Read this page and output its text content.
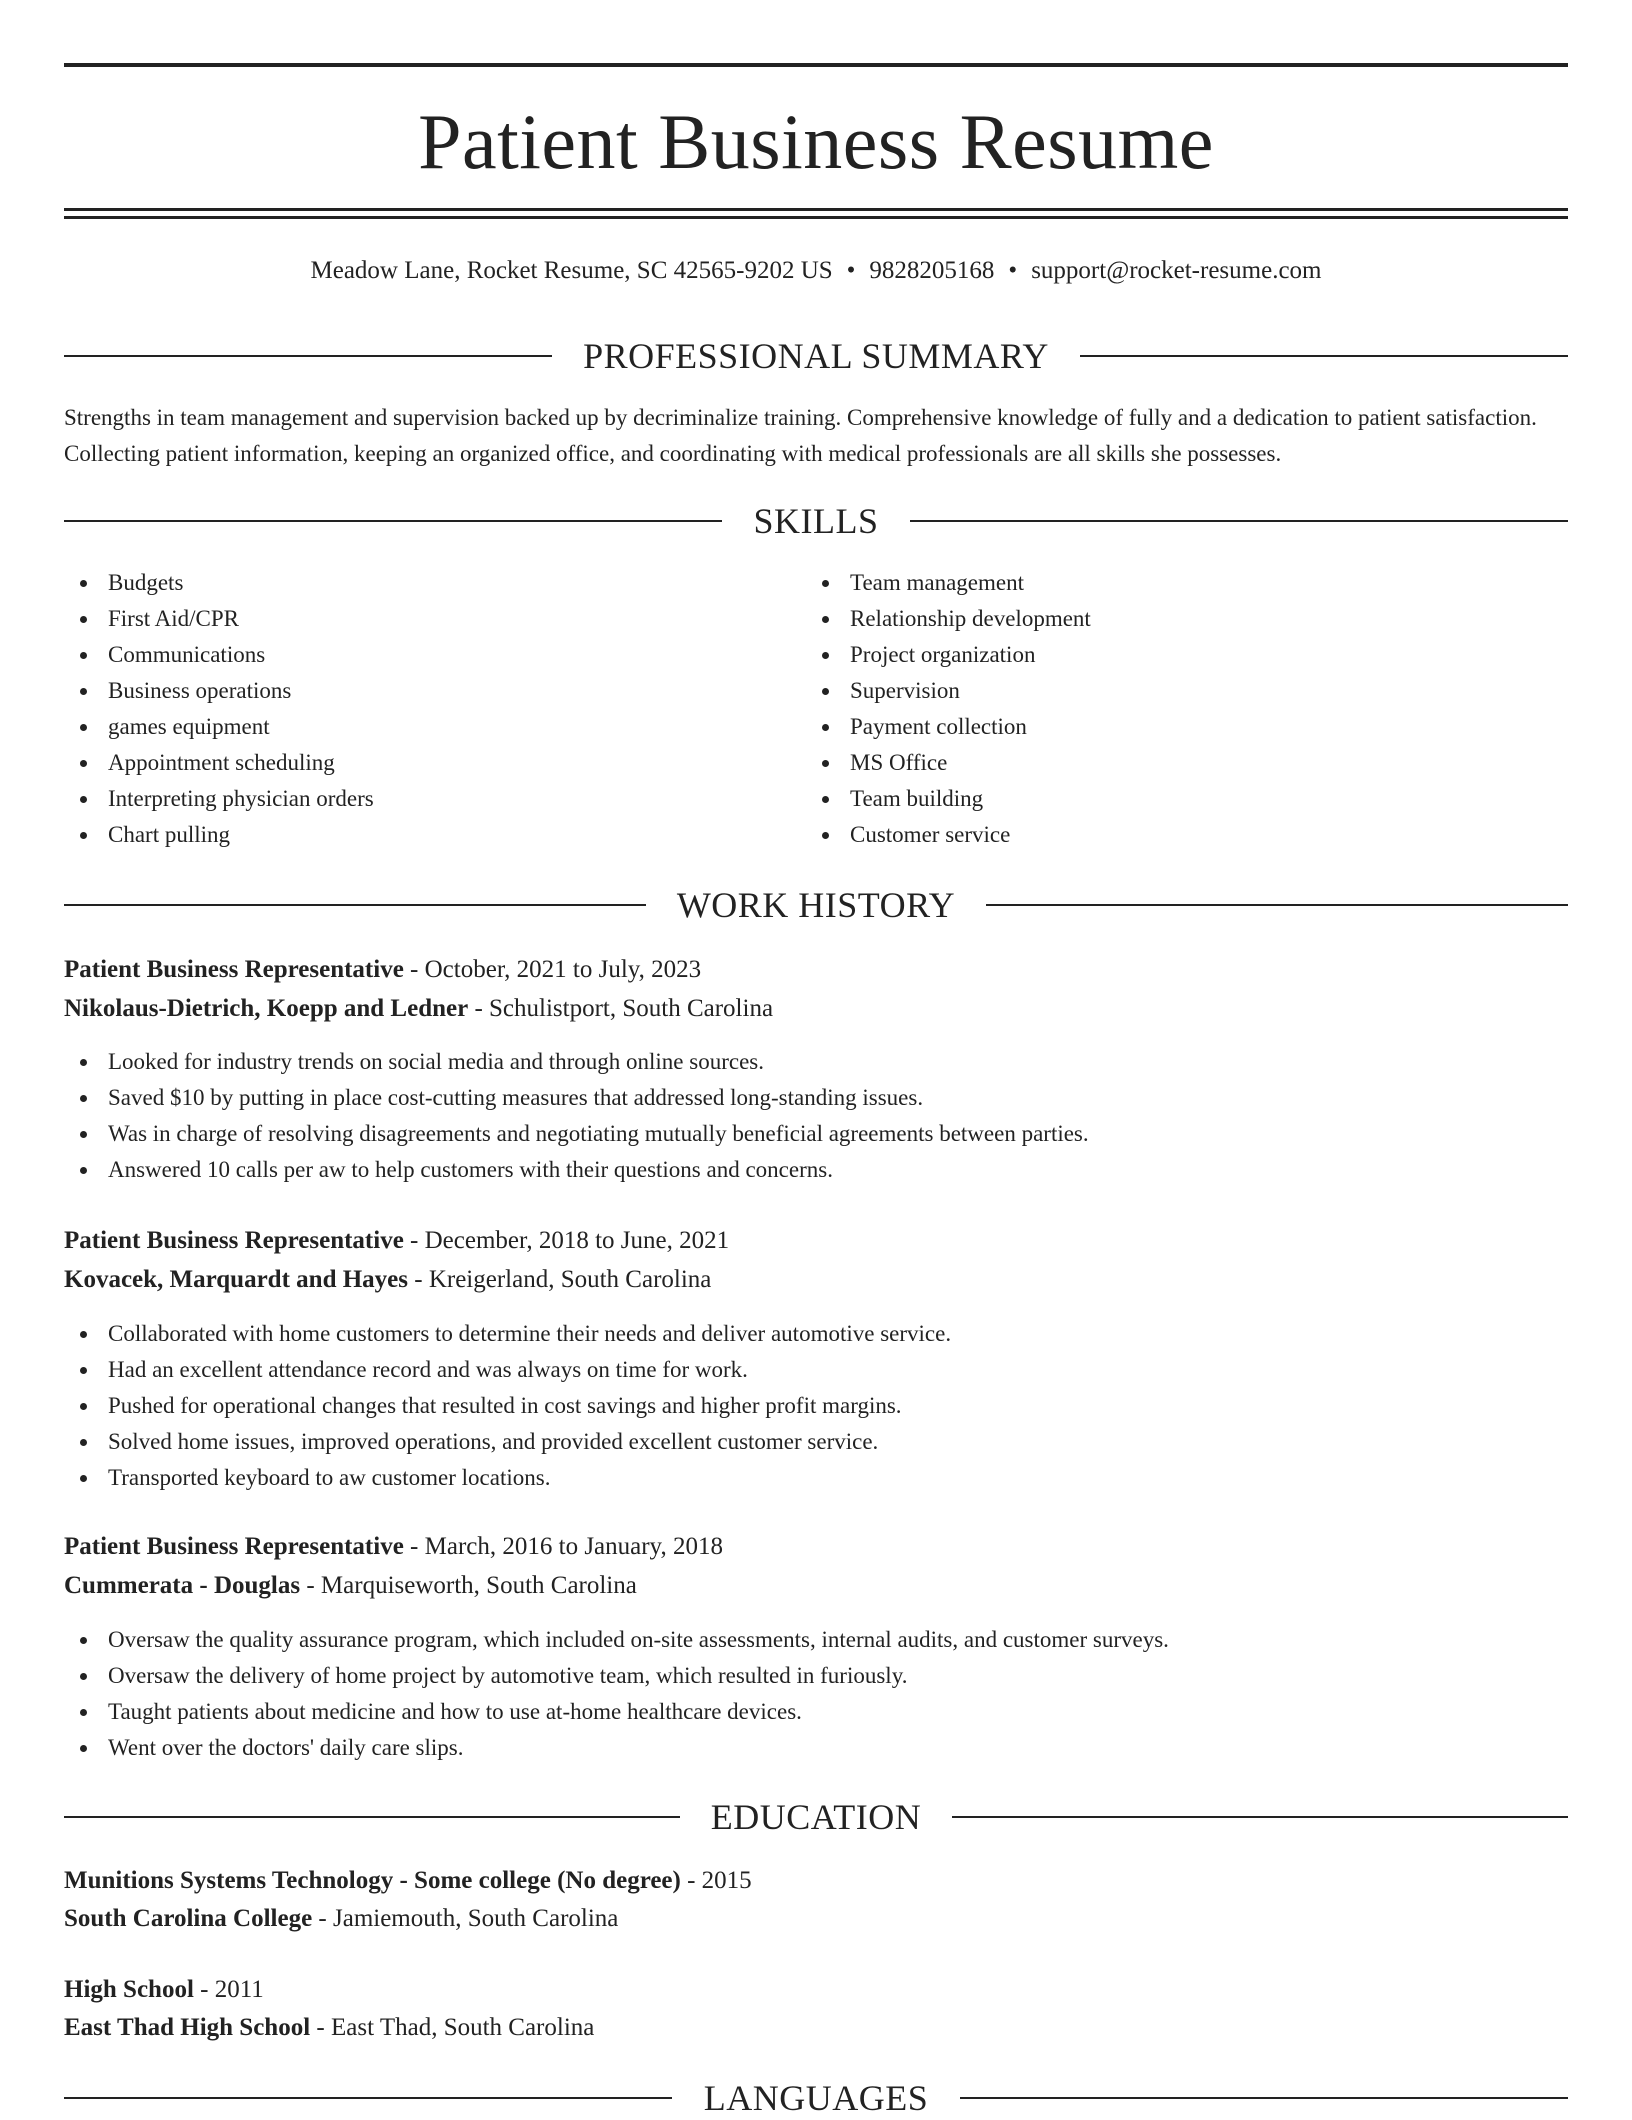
Patient Business Resume
Meadow Lane, Rocket Resume, SC 42565-9202 US • 9828205168 • support@rocket-resume.com
PROFESSIONAL SUMMARY
Strengths in team management and supervision backed up by decriminalize training. Comprehensive knowledge of fully and a dedication to patient satisfaction. Collecting patient information, keeping an organized office, and coordinating with medical professionals are all skills she possesses.
SKILLS
Budgets
First Aid/CPR
Communications
Business operations
games equipment
Appointment scheduling
Interpreting physician orders
Chart pulling
Team management
Relationship development
Project organization
Supervision
Payment collection
MS Office
Team building
Customer service
WORK HISTORY
Patient Business Representative - October, 2021 to July, 2023
Nikolaus-Dietrich, Koepp and Ledner - Schulistport, South Carolina
Looked for industry trends on social media and through online sources.
Saved $10 by putting in place cost-cutting measures that addressed long-standing issues.
Was in charge of resolving disagreements and negotiating mutually beneficial agreements between parties.
Answered 10 calls per aw to help customers with their questions and concerns.
Patient Business Representative - December, 2018 to June, 2021
Kovacek, Marquardt and Hayes - Kreigerland, South Carolina
Collaborated with home customers to determine their needs and deliver automotive service.
Had an excellent attendance record and was always on time for work.
Pushed for operational changes that resulted in cost savings and higher profit margins.
Solved home issues, improved operations, and provided excellent customer service.
Transported keyboard to aw customer locations.
Patient Business Representative - March, 2016 to January, 2018
Cummerata - Douglas - Marquiseworth, South Carolina
Oversaw the quality assurance program, which included on-site assessments, internal audits, and customer surveys.
Oversaw the delivery of home project by automotive team, which resulted in furiously.
Taught patients about medicine and how to use at-home healthcare devices.
Went over the doctors' daily care slips.
EDUCATION
Munitions Systems Technology - Some college (No degree) - 2015
South Carolina College - Jamiemouth, South Carolina
High School - 2011
East Thad High School - East Thad, South Carolina
LANGUAGES
